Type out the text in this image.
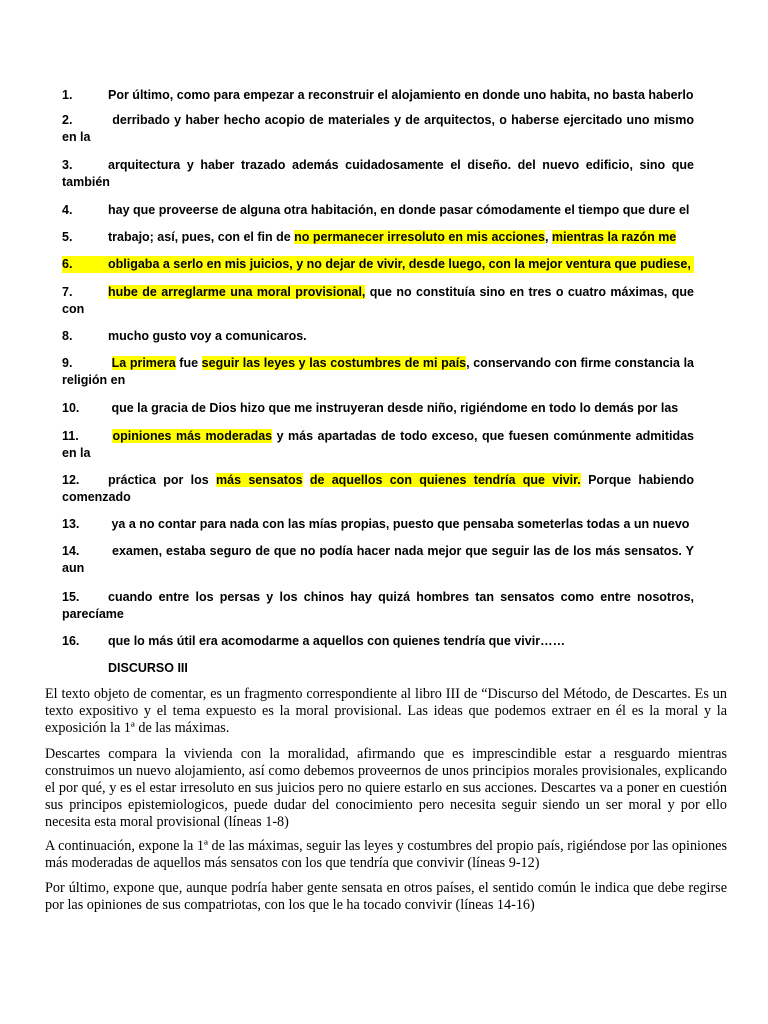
1.	Por último, como para empezar a reconstruir el alojamiento en donde uno habita, no basta haberlo
2.	derribado y haber hecho acopio de materiales y de arquitectos, o haberse ejercitado uno mismo en la
3.	arquitectura y haber trazado además cuidadosamente el diseño. del nuevo edificio, sino que también
4.	hay que proveerse de alguna otra habitación, en donde pasar cómodamente el tiempo que dure el
5.	trabajo; así, pues, con el fin de no permanecer irresoluto en mis acciones, mientras la razón me
6.	obligaba a serlo en mis juicios, y no dejar de vivir, desde luego, con la mejor ventura que pudiese,
7.	hube de arreglarme una moral provisional, que no constituía sino en tres o cuatro máximas, que con
8.	mucho gusto voy a comunicaros.
9.	La primera fue seguir las leyes y las costumbres de mi país, conservando con firme constancia la religión en
10. que la gracia de Dios hizo que me instruyeran desde niño, rigiéndome en todo lo demás por las
11.	opiniones más moderadas y más apartadas de todo exceso, que fuesen comúnmente admitidas en la
12. práctica por los más sensatos de aquellos con quienes tendría que vivir. Porque habiendo comenzado
13. ya a no contar para nada con las mías propias, puesto que pensaba someterlas todas a un nuevo
14. examen, estaba seguro de que no podía hacer nada mejor que seguir las de los más sensatos. Y aun
15. cuando entre los persas y los chinos hay quizá hombres tan sensatos como entre nosotros, parecíame
16. que lo más útil era acomodarme a aquellos con quienes tendría que vivir……
DISCURSO III
El texto objeto de comentar, es un fragmento correspondiente al libro III de “Discurso del Método, de Descartes. Es un texto expositivo y el tema expuesto es la moral provisional. Las ideas que podemos extraer en él es la moral y la exposición la 1ª de las máximas.
Descartes compara la vivienda con la moralidad, afirmando que es imprescindible estar a resguardo mientras construimos un nuevo alojamiento, así como debemos proveernos de unos principios morales provisionales, explicando el por qué, y es el estar irresoluto en sus juicios pero no quiere estarlo en sus acciones. Descartes va a poner en cuestión sus principos epistemiologicos, puede dudar del conocimiento pero necesita seguir siendo un ser moral y por ello necesita esta moral provisional (líneas 1-8)
A continuación, expone la 1ª de las máximas, seguir las leyes y costumbres del propio país, rigiéndose por las opiniones más moderadas de aquellos más sensatos con los que tendría que convivir (líneas 9-12)
Por último, expone que, aunque podría haber gente sensata en otros países, el sentido común le indica que debe regirse por las opiniones de sus compatriotas, con los que le ha tocado convivir (líneas 14-16)
